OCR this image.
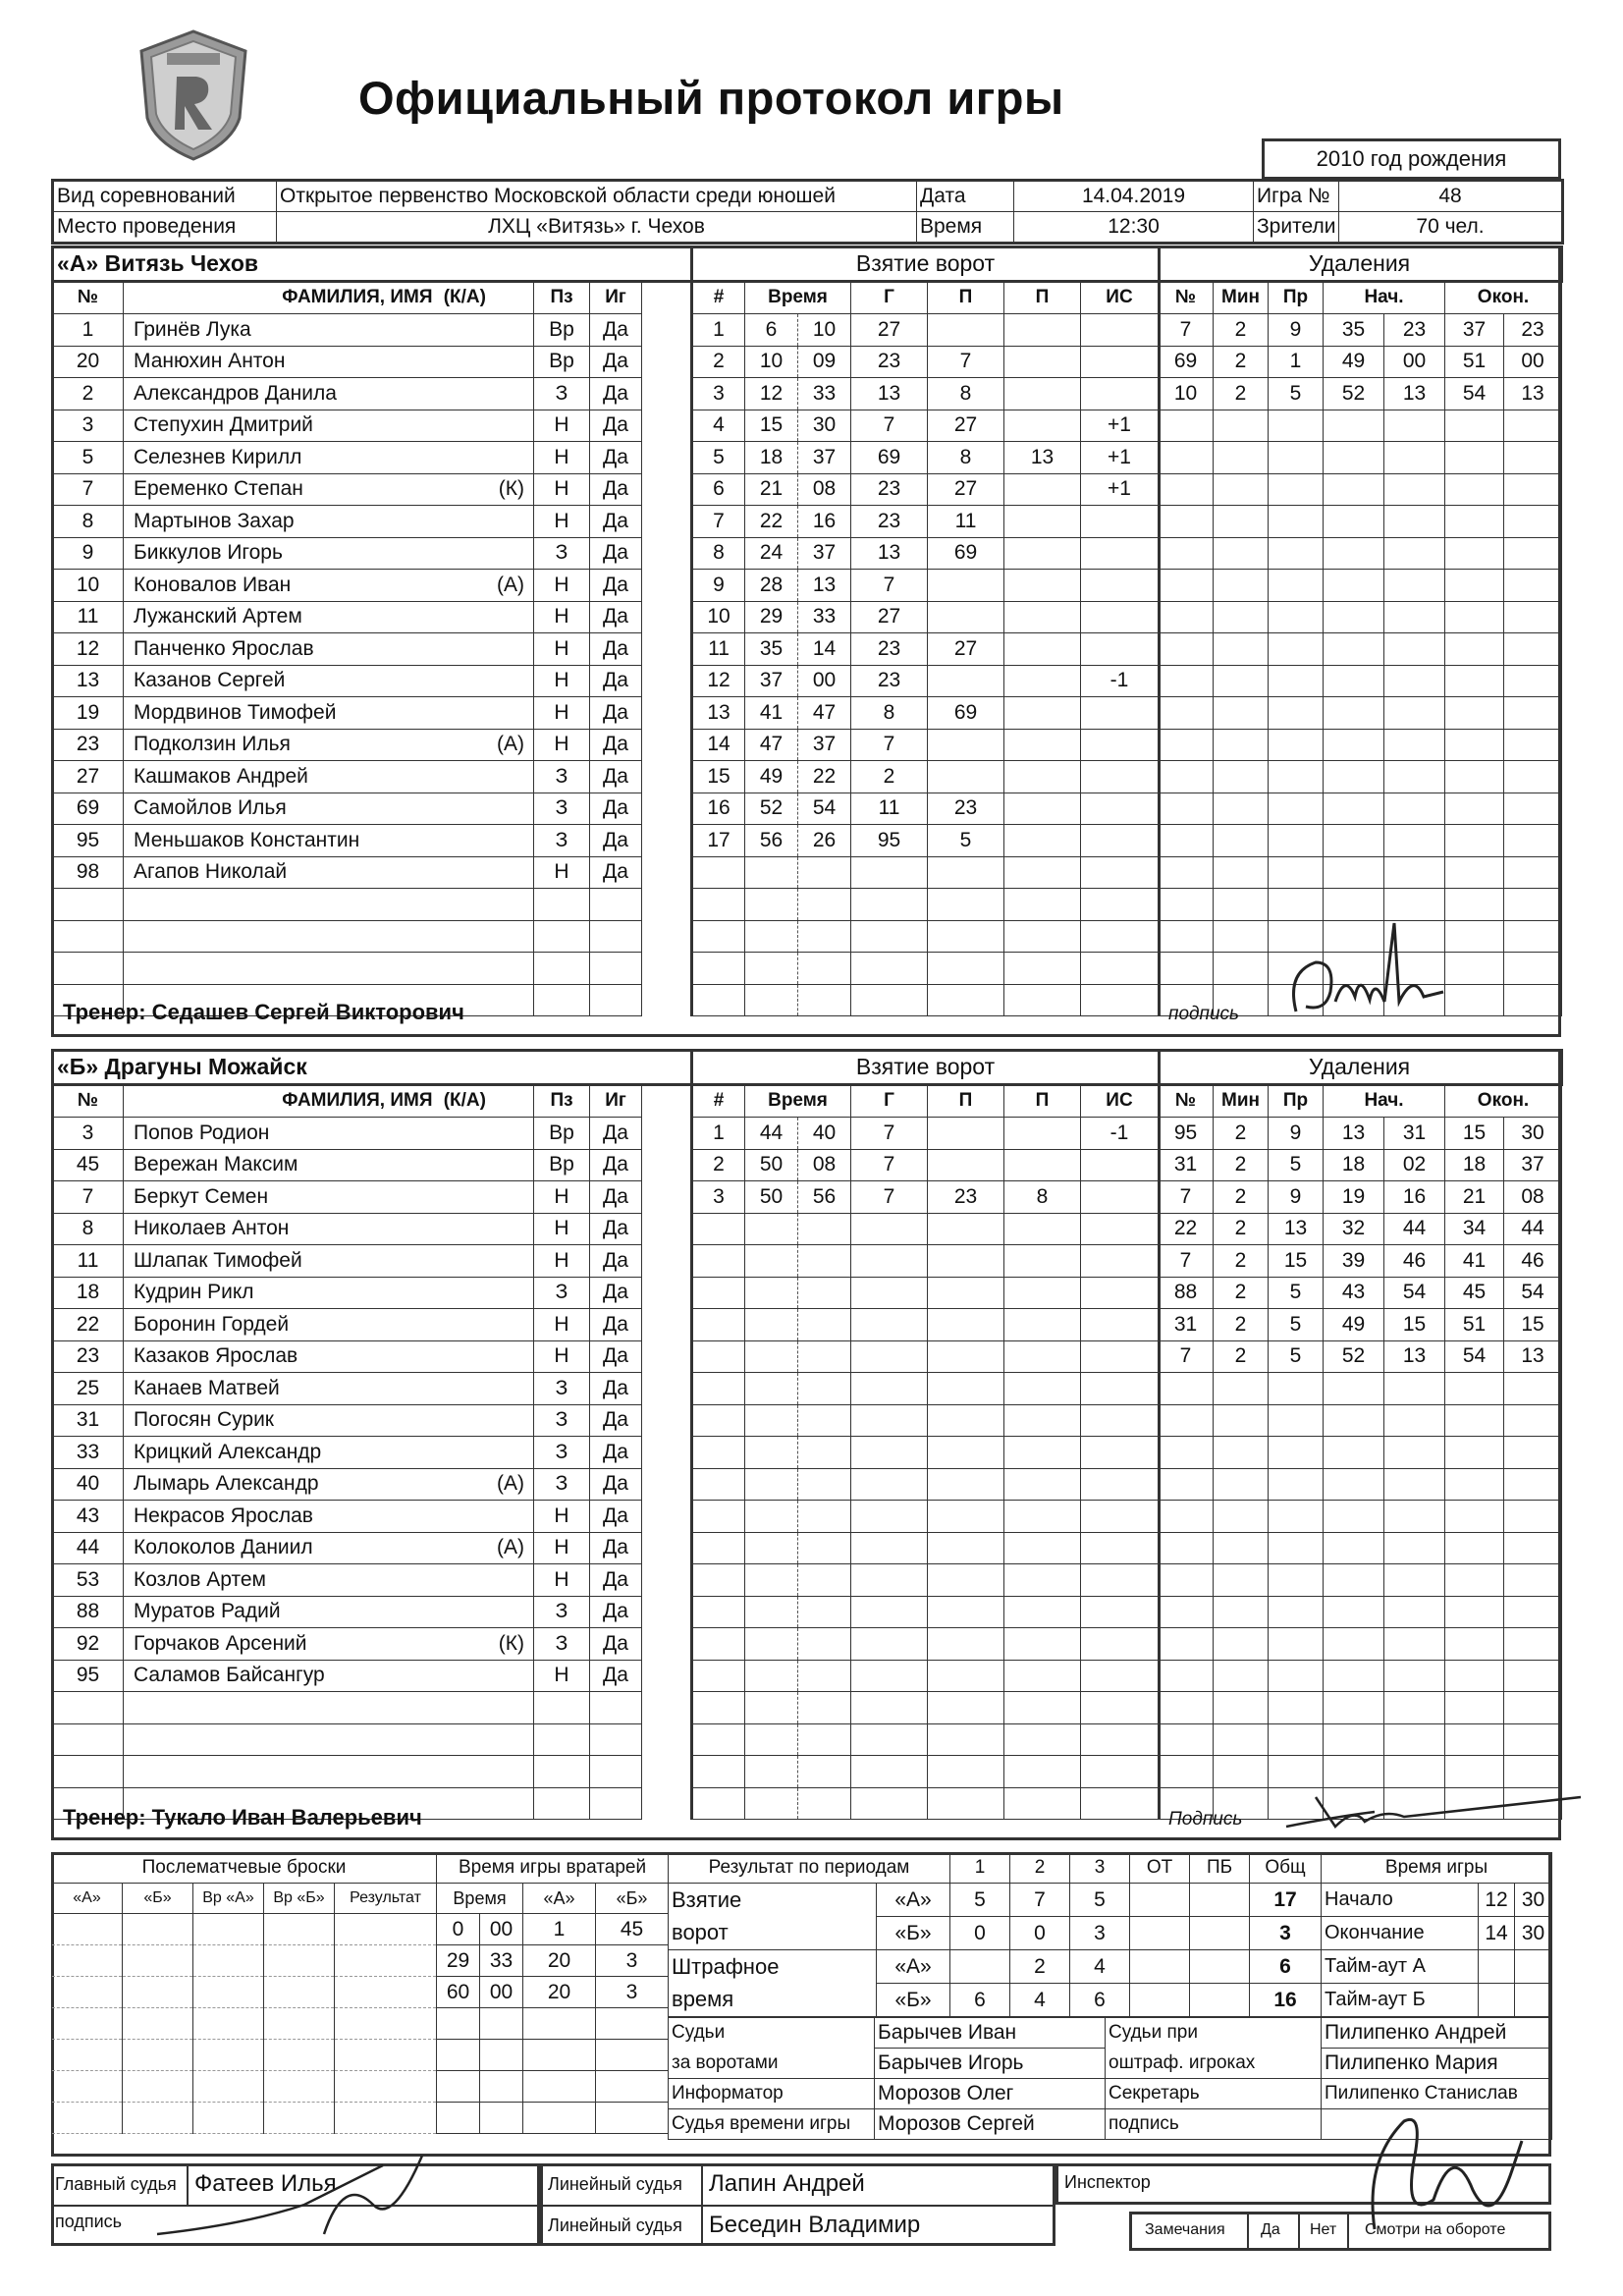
Официальный протокол игры
2010 год рождения
Вид соревнований	Открытое первенство Московской области среди юношей	Дата	14.04.2019	Игра №	48
Место проведения	ЛХЦ «Витязь» г. Чехов	Время	12:30	Зрители	70 чел.
«А» Витязь Чехов			
№	ФАМИЛИЯ, ИМЯ (К/А)	Пз	Иг
1	Гринёв Лука	Вр	Да
20	Манюхин Антон	Вр	Да
2	Александров Данила	З	Да
3	Степухин Дмитрий	Н	Да
5	Селезнев Кирилл	Н	Да
7	Еременко Степан (К)	Н	Да
8	Мартынов Захар	Н	Да
9	Биккулов Игорь	З	Да
10	Коновалов Иван (А)	Н	Да
11	Лужанский Артем	Н	Да
12	Панченко Ярослав	Н	Да
13	Казанов Сергей	Н	Да
19	Мордвинов Тимофей	Н	Да
23	Подколзин Илья (А)	Н	Да
27	Кашмаков Андрей	З	Да
69	Самойлов Илья	З	Да
95	Меньшаков Константин	З	Да
98	Агапов Николай	Н	Да

Взятие ворот						
#	Время		Г	П	П	ИС
1	6	10	27			
2	10	09	23	7		
3	12	33	13	8		
4	15	30	7	27		+1
5	18	37	69	8	13	+1
6	21	08	23	27		+1
7	22	16	23	11		
8	24	37	13	69		
9	28	13	7			
10	29	33	27			
11	35	14	23	27		
12	37	00	23			-1
13	41	47	8	69		
14	47	37	7			
15	49	22	2			
16	52	54	11	23		
17	56	26	95	5		

Удаления						
№	Мин	Пр	Нач.		Окон.	
7	2	9	35	23	37	23
69	2	1	49	00	51	00
10	2	5	52	13	54	13

Тренер: Седашев Сергей Викторович	подпись
«Б» Драгуны Можайск			
№	ФАМИЛИЯ, ИМЯ (К/А)	Пз	Иг
3	Попов Родион	Вр	Да
45	Вережан Максим	Вр	Да
7	Беркут Семен	Н	Да
8	Николаев Антон	Н	Да
11	Шлапак Тимофей	Н	Да
18	Кудрин Рикл	З	Да
22	Боронин Гордей	Н	Да
23	Казаков Ярослав	Н	Да
25	Канаев Матвей	З	Да
31	Погосян Сурик	З	Да
33	Крицкий Александр	З	Да
40	Лымарь Александр (А)	З	Да
43	Некрасов Ярослав	Н	Да
44	Колоколов Даниил (А)	Н	Да
53	Козлов Артем	Н	Да
88	Муратов Радий	З	Да
92	Горчаков Арсений (К)	З	Да
95	Саламов Байсангур	Н	Да

Взятие ворот						
#	Время		Г	П	П	ИС
1	44	40	7			-1
2	50	08	7			
3	50	56	7	23	8	

Удаления						
№	Мин	Пр	Нач.		Окон.	
95	2	9	13	31	15	30
31	2	5	18	02	18	37
7	2	9	19	16	21	08
22	2	13	32	44	34	44
7	2	15	39	46	41	46
88	2	5	43	54	45	54
31	2	5	49	15	51	15
7	2	5	52	13	54	13

Тренер: Тукало Иван Валерьевич	Подпись
Послематчевые броски				
«А»	«Б»	Вр «А»	Вр «Б»	Результат

Время игры вратарей			
Время		«А»	«Б»
0	00	1	45
29	33	20	3
60	00	20	3

Результат по периодам		1	2	3	ОТ	ПБ	Общ
Взятие	«А»	5	7	5			17
ворот	«Б»	0	0	3			3
Штрафное	«А»		2	4			6
время	«Б»	6	4	6			16
Время игры		
Начало	12	30
Окончание	14	30
Тайм-аут А		
Тайм-аут Б		
Судьи	Барычев Иван	Судьи при	Пилипенко Андрей
за воротами	Барычев Игорь	оштраф. игроках	Пилипенко Мария
Информатор	Морозов Олег	Секретарь	Пилипенко Станислав
Судья времени игры	Морозов Сергей	подпись	
Главный судья Фатеев Илья
подпись
Линейный судья Лапин Андрей
Линейный судья Беседин Владимир
Инспектор
Замечания Да Нет Смотри на обороте
